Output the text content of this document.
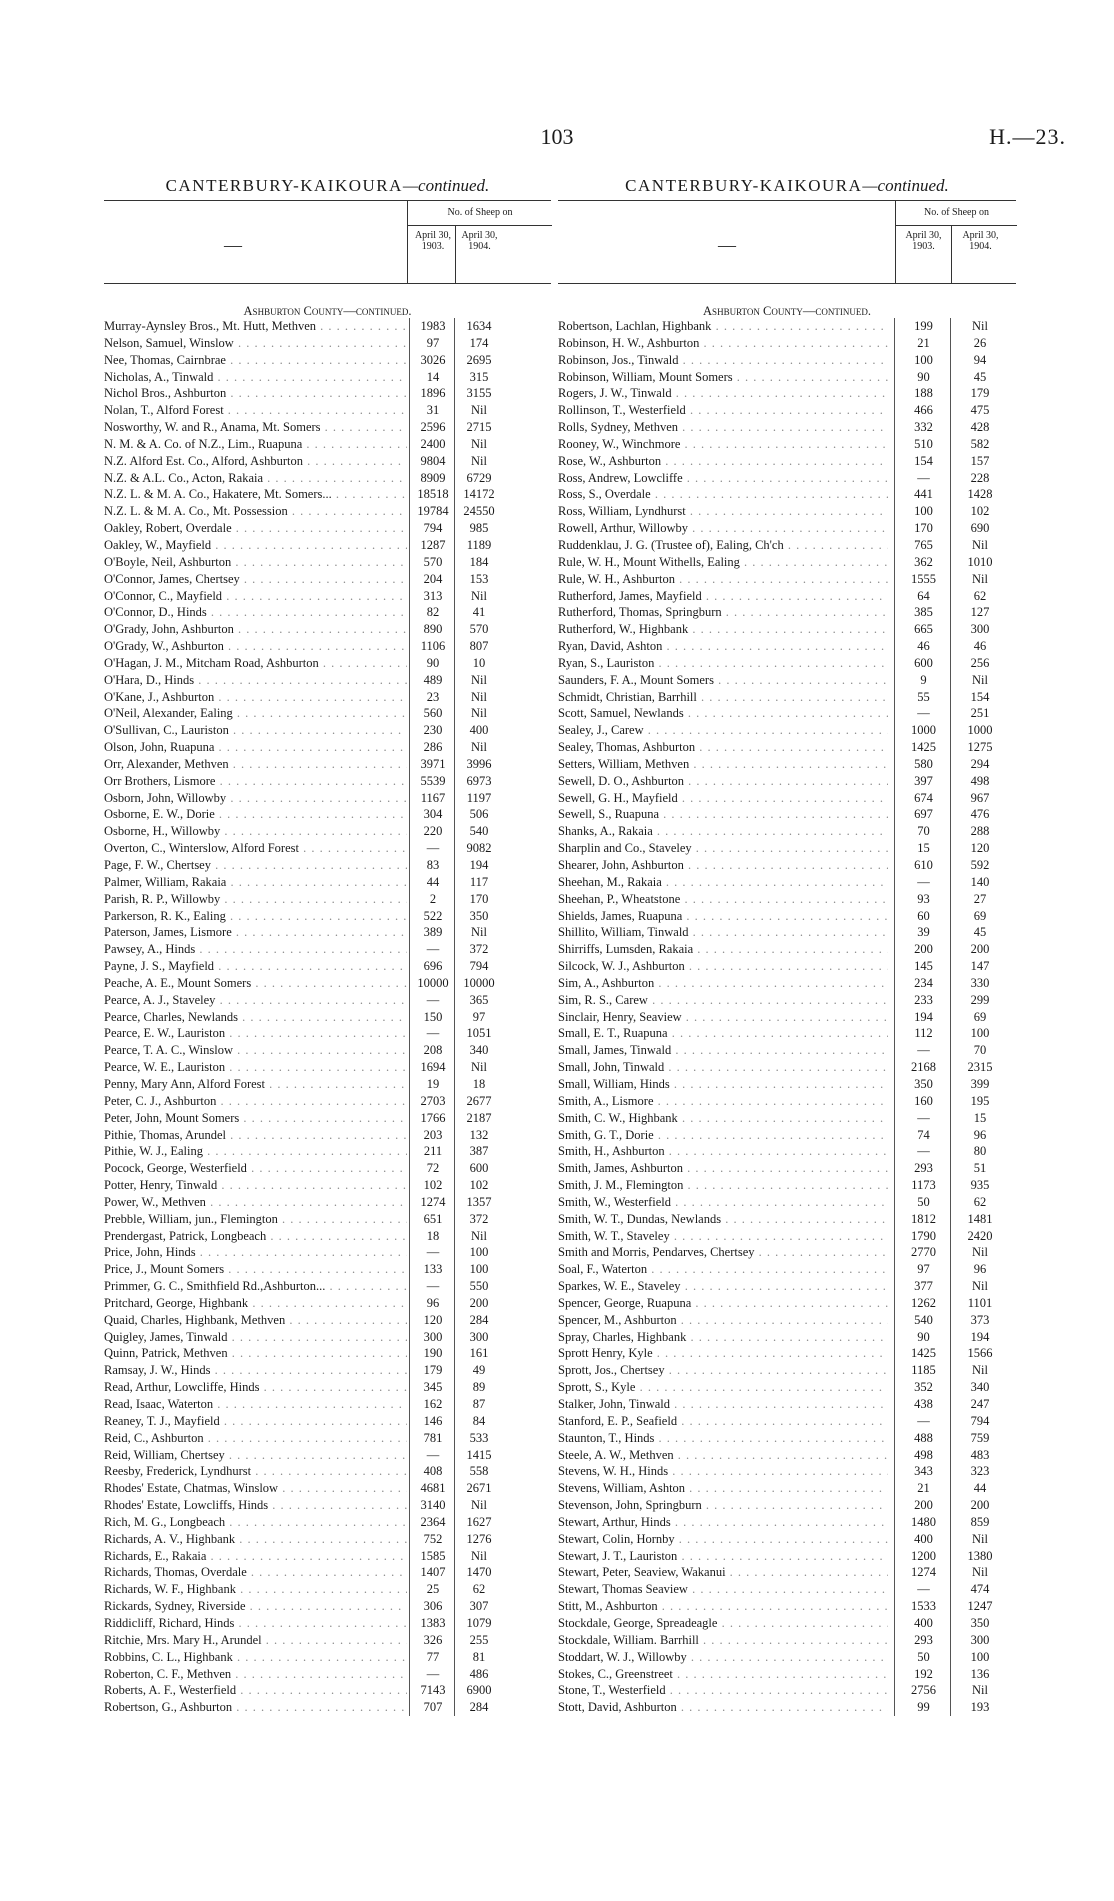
103	H.—23.
CANTERBURY-KAIKOURA—continued.
—
No. of Sheep on
April 30, 1903.
April 30, 1904.
Ashburton County—continued.
Murray-Aynsley Bros., Mt. Hutt, Methven . . .	1983	1634
Nelson, Samuel, Winslow . . .	97	174
Nee, Thomas, Cairnbrae . . .	3026	2695
Nicholas, A., Tinwald . . .	14	315
Nichol Bros., Ashburton . . .	1896	3155
Nolan, T., Alford Forest . . .	31	Nil
Nosworthy, W. and R., Anama, Mt. Somers . . .	2596	2715
N. M. & A. Co. of N.Z., Lim., Ruapuna . . .	2400	Nil
N.Z. Alford Est. Co., Alford, Ashburton . . .	9804	Nil
N.Z. & A.L. Co., Acton, Rakaia . . .	8909	6729
N.Z. L. & M. A. Co., Hakatere, Mt. Somers... . . .	18518	14172
N.Z. L. & M. A. Co., Mt. Possession . . .	19784	24550
Oakley, Robert, Overdale . . .	794	985
Oakley, W., Mayfield . . .	1287	1189
O'Boyle, Neil, Ashburton . . .	570	184
O'Connor, James, Chertsey . . .	204	153
O'Connor, C., Mayfield . . .	313	Nil
O'Connor, D., Hinds . . .	82	41
O'Grady, John, Ashburton . . .	890	570
O'Grady, W., Ashburton . . .	1106	807
O'Hagan, J. M., Mitcham Road, Ashburton . . .	90	10
O'Hara, D., Hinds . . .	489	Nil
O'Kane, J., Ashburton . . .	23	Nil
O'Neil, Alexander, Ealing . . .	560	Nil
O'Sullivan, C., Lauriston . . .	230	400
Olson, John, Ruapuna . . .	286	Nil
Orr, Alexander, Methven . . .	3971	3996
Orr Brothers, Lismore . . .	5539	6973
Osborn, John, Willowby . . .	1167	1197
Osborne, E. W., Dorie . . .	304	506
Osborne, H., Willowby . . .	220	540
Overton, C., Winterslow, Alford Forest . . .	—	9082
Page, F. W., Chertsey . . .	83	194
Palmer, William, Rakaia . . .	44	117
Parish, R. P., Willowby . . .	2	170
Parkerson, R. K., Ealing . . .	522	350
Paterson, James, Lismore . . .	389	Nil
Pawsey, A., Hinds . . .	—	372
Payne, J. S., Mayfield . . .	696	794
Peache, A. E., Mount Somers . . .	10000	10000
Pearce, A. J., Staveley . . .	—	365
Pearce, Charles, Newlands . . .	150	97
Pearce, E. W., Lauriston . . .	—	1051
Pearce, T. A. C., Winslow . . .	208	340
Pearce, W. E., Lauriston . . .	1694	Nil
Penny, Mary Ann, Alford Forest . . .	19	18
Peter, C. J., Ashburton . . .	2703	2677
Peter, John, Mount Somers . . .	1766	2187
Pithie, Thomas, Arundel . . .	203	132
Pithie, W. J., Ealing . . .	211	387
Pocock, George, Westerfield . . .	72	600
Potter, Henry, Tinwald . . .	102	102
Power, W., Methven . . .	1274	1357
Prebble, William, jun., Flemington . . .	651	372
Prendergast, Patrick, Longbeach . . .	18	Nil
Price, John, Hinds . . .	—	100
Price, J., Mount Somers . . .	133	100
Primmer, G. C., Smithfield Rd.,Ashburton... . . .	—	550
Pritchard, George, Highbank . . .	96	200
Quaid, Charles, Highbank, Methven . . .	120	284
Quigley, James, Tinwald . . .	300	300
Quinn, Patrick, Methven . . .	190	161
Ramsay, J. W., Hinds . . .	179	49
Read, Arthur, Lowcliffe, Hinds . . .	345	89
Read, Isaac, Waterton . . .	162	87
Reaney, T. J., Mayfield . . .	146	84
Reid, C., Ashburton . . .	781	533
Reid, William, Chertsey . . .	—	1415
Reesby, Frederick, Lyndhurst . . .	408	558
Rhodes' Estate, Chatmas, Winslow . . .	4681	2671
Rhodes' Estate, Lowcliffs, Hinds . . .	3140	Nil
Rich, M. G., Longbeach . . .	2364	1627
Richards, A. V., Highbank . . .	752	1276
Richards, E., Rakaia . . .	1585	Nil
Richards, Thomas, Overdale . . .	1407	1470
Richards, W. F., Highbank . . .	25	62
Rickards, Sydney, Riverside . . .	306	307
Riddicliff, Richard, Hinds . . .	1383	1079
Ritchie, Mrs. Mary H., Arundel . . .	326	255
Robbins, C. L., Highbank . . .	77	81
Roberton, C. F., Methven . . .	—	486
Roberts, A. F., Westerfield . . .	7143	6900
Robertson, G., Ashburton . . .	707	284
CANTERBURY-KAIKOURA—continued.
—
No. of Sheep on
April 30, 1903.
April 30, 1904.
Ashburton County—continued.
Robertson, Lachlan, Highbank . . .	199	Nil
Robinson, H. W., Ashburton . . .	21	26
Robinson, Jos., Tinwald . . .	100	94
Robinson, William, Mount Somers . . .	90	45
Rogers, J. W., Tinwald . . .	188	179
Rollinson, T., Westerfield . . .	466	475
Rolls, Sydney, Methven . . .	332	428
Rooney, W., Winchmore . . .	510	582
Rose, W., Ashburton . . .	154	157
Ross, Andrew, Lowcliffe . . .	—	228
Ross, S., Overdale . . .	441	1428
Ross, William, Lyndhurst . . .	100	102
Rowell, Arthur, Willowby . . .	170	690
Ruddenklau, J. G. (Trustee of), Ealing, Ch'ch . . .	765	Nil
Rule, W. H., Mount Withells, Ealing . . .	362	1010
Rule, W. H., Ashburton . . .	1555	Nil
Rutherford, James, Mayfield . . .	64	62
Rutherford, Thomas, Springburn . . .	385	127
Rutherford, W., Highbank . . .	665	300
Ryan, David, Ashton . . .	46	46
Ryan, S., Lauriston . . .	600	256
Saunders, F. A., Mount Somers . . .	9	Nil
Schmidt, Christian, Barrhill . . .	55	154
Scott, Samuel, Newlands . . .	—	251
Sealey, J., Carew . . .	1000	1000
Sealey, Thomas, Ashburton . . .	1425	1275
Setters, William, Methven . . .	580	294
Sewell, D. O., Ashburton . . .	397	498
Sewell, G. H., Mayfield . . .	674	967
Sewell, S., Ruapuna . . .	697	476
Shanks, A., Rakaia . . .	70	288
Sharplin and Co., Staveley . . .	15	120
Shearer, John, Ashburton . . .	610	592
Sheehan, M., Rakaia . . .	—	140
Sheehan, P., Wheatstone . . .	93	27
Shields, James, Ruapuna . . .	60	69
Shillito, William, Tinwald . . .	39	45
Shirriffs, Lumsden, Rakaia . . .	200	200
Silcock, W. J., Ashburton . . .	145	147
Sim, A., Ashburton . . .	234	330
Sim, R. S., Carew . . .	233	299
Sinclair, Henry, Seaview . . .	194	69
Small, E. T., Ruapuna . . .	112	100
Small, James, Tinwald . . .	—	70
Small, John, Tinwald . . .	2168	2315
Small, William, Hinds . . .	350	399
Smith, A., Lismore . . .	160	195
Smith, C. W., Highbank . . .	—	15
Smith, G. T., Dorie . . .	74	96
Smith, H., Ashburton . . .	—	80
Smith, James, Ashburton . . .	293	51
Smith, J. M., Flemington . . .	1173	935
Smith, W., Westerfield . . .	50	62
Smith, W. T., Dundas, Newlands . . .	1812	1481
Smith, W. T., Staveley . . .	1790	2420
Smith and Morris, Pendarves, Chertsey . . .	2770	Nil
Soal, F., Waterton . . .	97	96
Sparkes, W. E., Staveley . . .	377	Nil
Spencer, George, Ruapuna . . .	1262	1101
Spencer, M., Ashburton . . .	540	373
Spray, Charles, Highbank . . .	90	194
Sprott Henry, Kyle . . .	1425	1566
Sprott, Jos., Chertsey . . .	1185	Nil
Sprott, S., Kyle . . .	352	340
Stalker, John, Tinwald . . .	438	247
Stanford, E. P., Seafield . . .	—	794
Staunton, T., Hinds . . .	488	759
Steele, A. W., Methven . . .	498	483
Stevens, W. H., Hinds . . .	343	323
Stevens, William, Ashton . . .	21	44
Stevenson, John, Springburn . . .	200	200
Stewart, Arthur, Hinds . . .	1480	859
Stewart, Colin, Hornby . . .	400	Nil
Stewart, J. T., Lauriston . . .	1200	1380
Stewart, Peter, Seaview, Wakanui . . .	1274	Nil
Stewart, Thomas Seaview . . .	—	474
Stitt, M., Ashburton . . .	1533	1247
Stockdale, George, Spreadeagle . . .	400	350
Stockdale, William. Barrhill . . .	293	300
Stoddart, W. J., Willowby . . .	50	100
Stokes, C., Greenstreet . . .	192	136
Stone, T., Westerfield . . .	2756	Nil
Stott, David, Ashburton . . .	99	193
